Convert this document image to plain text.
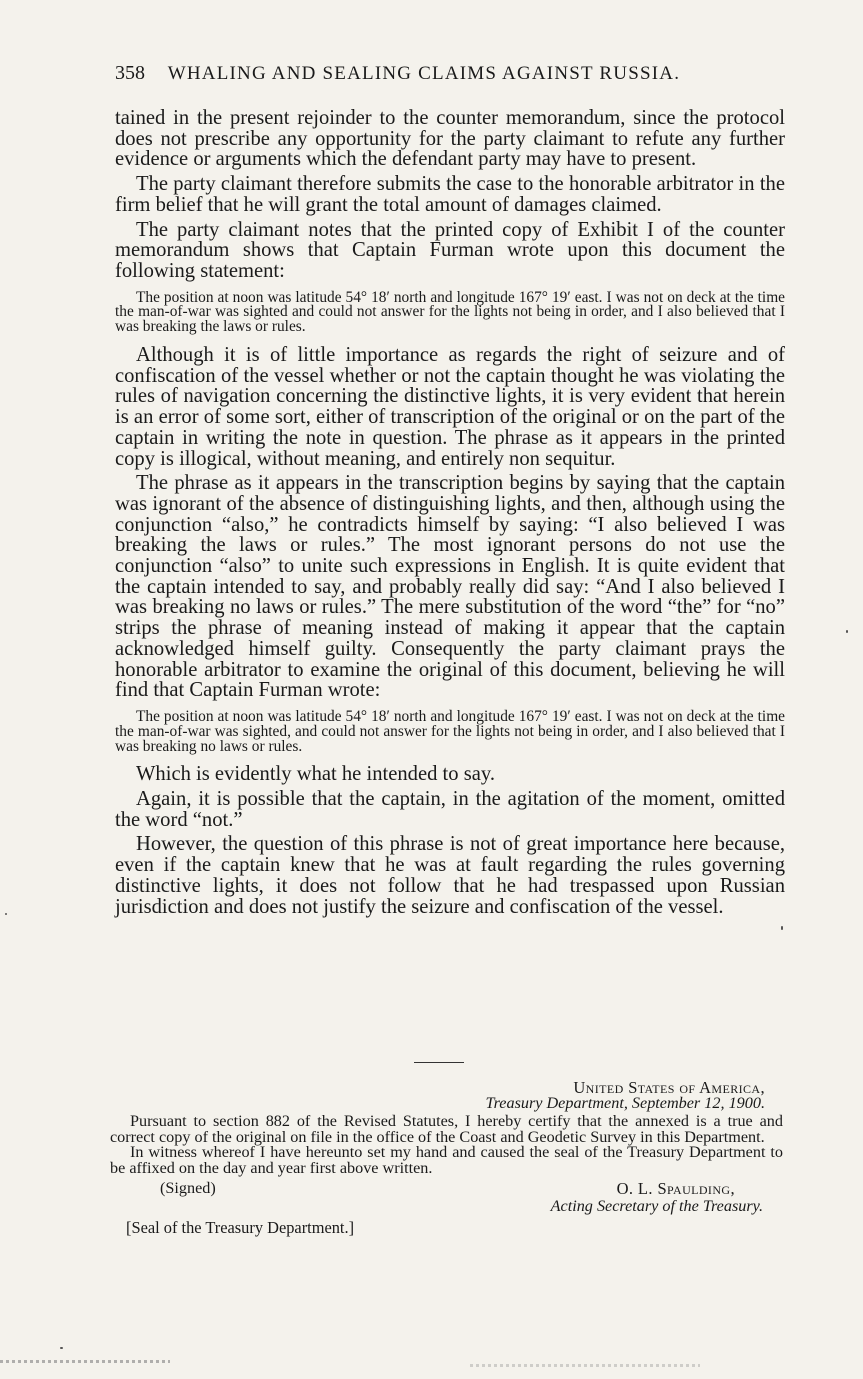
358 WHALING AND SEALING CLAIMS AGAINST RUSSIA.

tained in the present rejoinder to the counter memorandum, since the protocol does not prescribe any opportunity for the party claimant to refute any further evidence or arguments which the defendant party may have to present.

The party claimant therefore submits the case to the honorable arbitrator in the firm belief that he will grant the total amount of damages claimed.

The party claimant notes that the printed copy of Exhibit I of the counter memorandum shows that Captain Furman wrote upon this document the following statement:

The position at noon was latitude 54° 18′ north and longitude 167° 19′ east. I was not on deck at the time the man-of-war was sighted and could not answer for the lights not being in order, and I also believed that I was breaking the laws or rules.

Although it is of little importance as regards the right of seizure and of confiscation of the vessel whether or not the captain thought he was violating the rules of navigation concerning the distinctive lights, it is very evident that herein is an error of some sort, either of transcription of the original or on the part of the captain in writing the note in question. The phrase as it appears in the printed copy is illogical, without meaning, and entirely non sequitur.

The phrase as it appears in the transcription begins by saying that the captain was ignorant of the absence of distinguishing lights, and then, although using the conjunction “also,” he contradicts himself by saying: “I also believed I was breaking the laws or rules.” The most ignorant persons do not use the conjunction “also” to unite such expressions in English. It is quite evident that the captain intended to say, and probably really did say: “And I also believed I was breaking no laws or rules.” The mere substitution of the word “the” for “no” strips the phrase of meaning instead of making it appear that the captain acknowledged himself guilty. Consequently the party claimant prays the honorable arbitrator to examine the original of this document, believing he will find that Captain Furman wrote:

The position at noon was latitude 54° 18′ north and longitude 167° 19′ east. I was not on deck at the time the man-of-war was sighted, and could not answer for the lights not being in order, and I also believed that I was breaking no laws or rules.

Which is evidently what he intended to say.

Again, it is possible that the captain, in the agitation of the moment, omitted the word “not.”

However, the question of this phrase is not of great importance here because, even if the captain knew that he was at fault regarding the rules governing distinctive lights, it does not follow that he had trespassed upon Russian jurisdiction and does not justify the seizure and confiscation of the vessel.

United States of America,
Treasury Department, September 12, 1900.

Pursuant to section 882 of the Revised Statutes, I hereby certify that the annexed is a true and correct copy of the original on file in the office of the Coast and Geodetic Survey in this Department.

In witness whereof I have hereunto set my hand and caused the seal of the Treasury Department to be affixed on the day and year first above written.

(Signed)	O. L. Spaulding,
Acting Secretary of the Treasury.
[Seal of the Treasury Department.]
